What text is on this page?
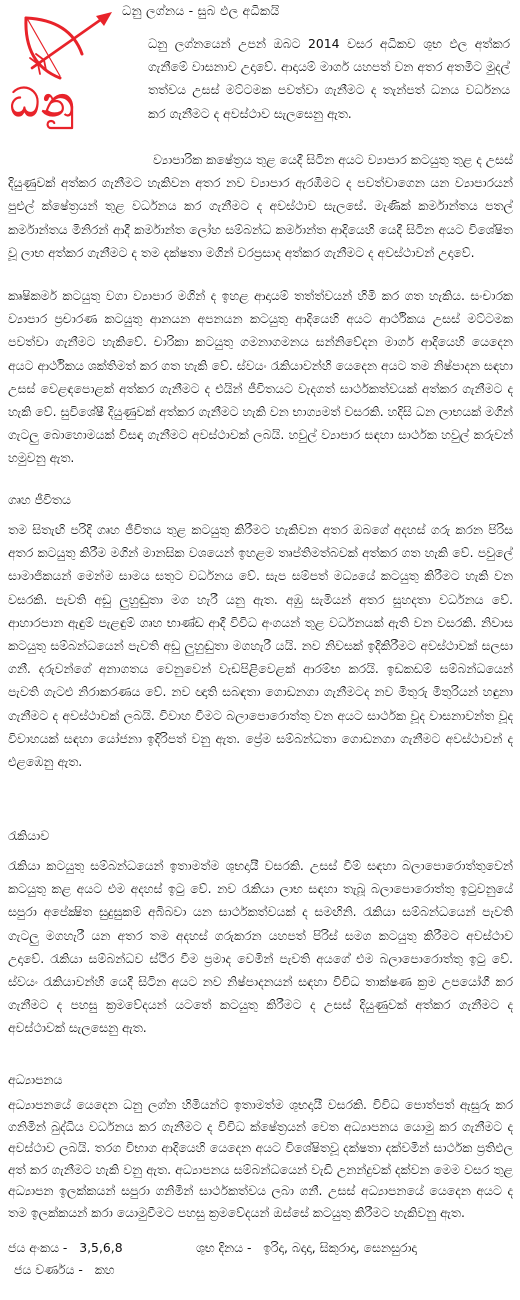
ධනු ලග්නය - සුබ ඵල අධිකයි
ධනු

ධනු ලග්නයෙන් උපන් ඔබට 2014 වසර අධිකව ශුභ ඵල අත්කර ගැනීමේ වාසනාව උදාවේ. ආදායම් මාර්ග යහපත් වන අතර අතමිට මුදල් තත්වය උසස් මට්ටමක පවත්වා ගැනීමට ද තැන්පත් ධනය වර්ධනය කර ගැනීමට ද අවස්ථාව සැලසෙනු ඇත.

ව්‍යාපාරික කෂේත්‍රය තුළ යෙදී සිටින අයට ව්‍යාපාර කටයුතු තුළ ද උසස් දියුණුවක් අත්කර ගැනීමට හැකිවන අතර නව ව්‍යාපාර ඇරඹීමට ද පවත්වාගෙන යන ව්‍යාපාරයන් පුළුල් ක්ෂේත්‍රයන් තුළ වර්ධනය කර ගැනීමට ද අවස්ථාව සැලසේ. මැණික් කර්මාන්තය පතල් කර්මාන්තය මිනිරන් ආදී කර්මාන්ත ලෝහ සම්බන්ධ කර්මාන්ත ආදියෙහි යෙදී සිටින අයට විශේෂිත වූ ලාභ අත්කර ගැනීමට ද තම දක්ෂතා මගින් වරප්‍රසාද අත්කර ගැනීමට ද අවස්ථාවන් උදාවේ.

කෘෂිකර්ම කටයුතු වගා ව්‍යාපාර මගින් ද ඉහළ ආදායම් තත්ත්වයන් හිමි කර ගත හැකිය. සංචාරක ව්‍යාපාර ප්‍රචාරණ කටයුතු ආනයන අපනයන කටයුතු ආදියෙහි අයට ආර්ථිකය උසස් මට්ටමක පවත්වා ගැනීමට හැකිවේ. චාරිකා කටයුතු ගමනාගමනය සන්නිවේදන මාර්ග ආදියෙහි යෙදෙන අයට ආර්ථිකය ශක්තිමත් කර ගත හැකි වේ. ස්වයං රැකියාවන්හි යෙදෙන අයට තම නිෂ්පාදන සඳහා උසස් වෙළඳපොළක් අත්කර ගැනීමට ද එයින් ජීවිතයට වැදගත් සාර්ථකත්වයක් අත්කර ගැනීමට ද හැකි වේ. සුවිශේෂී දියුණුවක් අත්කර ගැනීමට හැකි වන භාග්‍යමත් වසරකි. හදිසි ධන ලාභයක් මගින් ගැටලු බොහොමයක් විසඳා ගැනීමට අවස්ථාවක් ලබයි. හවුල් ව්‍යාපාර සඳහා සාර්ථක හවුල් කරුවන් හමුවනු ඇත.

ගෘහ ජීවිතය

තම සිතැඟි පරිදි ගෘහ ජීවිතය තුළ කටයුතු කිරීමට හැකිවන අතර ඔබගේ අදහස් ගරු කරන පිරිස අතර කටයුතු කිරීම මගින් මානසික වශයෙන් ඉහළම තෘප්තිමත්බවක් අත්කර ගත හැකි වේ. පවුලේ සාමාජිකයන් මෙන්ම සාමය සතුට වර්ධනය වේ. සැප සම්පත් මධ්‍යයේ කටයුතු කිරීමට හැකි වන වසරකි. පැවති අඩු ලුහුඬුතා මග හැරී යනු ඇත. අඹු සැමියන් අතර සුහදතා වර්ධනය වේ. ආහාරපාන ඇඳුම් පැළඳුම් ගෘහ භාණ්ඩ ආදී විවිධ අංගයන් තුළ වර්ධනයක් ඇති වන වසරකි. නිවාස කටයුතු සම්බන්ධයෙන් පැවති අඩු ලුහුඬුතා මගහැරී යයි. නව නිවසක් ඉදිකිරීමට අවස්ථාවක් සලසා ගනී. දරුවන්ගේ අනාගතය වෙනුවෙන් වැඩපිළිවෙළක් ආරම්භ කරයි. ඉඩකඩම් සම්බන්ධයෙන් පැවති ගැටළු නිරාකරණය වේ. නව ඥාති සබඳතා ගොඩනගා ගැනීමටද නව මිතුරු මිතුරියන් හඳුනා ගැනීමට ද අවස්ථාවක් ලබයි. විවාහ වීමට බලාපොරොත්තු වන අයට සාර්ථක වූද වාසනාවන්ත වූද විවාහයක් සඳහා යෝජනා ඉදිරිපත් වනු ඇත. ප්‍රේම සම්බන්ධතා ගොඩනගා ගැනීමට අවස්ථාවන් ද එළඹෙනු ඇත.

රැකියාව

රැකියා කටයුතු සම්බන්ධයෙන් ඉතාමත්ම ශුභදායී වසරකි. උසස් වීම් සඳහා බලාපොරොත්තුවෙන් කටයුතු කළ අයට එම අදහස් ඉටු වේ. නව රැකියා ලාභ සඳහා තැබූ බලාපොරොත්තු ඉටුවනුයේ සපුරා අපේක්‍ෂිත සුදුසුකම් අබිබවා යන සාර්ථකත්වයක් ද සමඟිනි. රැකියා සම්බන්ධයෙන් පැවති ගැටලු මගහැරී යන අතර තම අදහස් ගරුකරන යහපත් පිරිස් සමග කටයුතු කිරීමට අවස්ථාව උදාවේ. රැකියා සම්බන්ධව ස්ථිර වීම ප්‍රමාද වෙමින් පැවති අයගේ එම බලාපොරොත්තු ඉටු වේ. ස්වයං රැකියාවන්හි යෙදී සිටින අයට නව නිෂ්පාදනයන් සඳහා විවිධ තාක්ෂණ ක්‍රම උපයෝගී කර ගැනීමට ද පහසු ක්‍රමවේදයන් යටතේ කටයුතු කිරීමට ද උසස් දියුණුවක් අත්කර ගැනීමට ද අවස්ථාවක් සැලසෙනු ඇත.

අධ්‍යාපනය

අධ්‍යාපනයේ යෙදෙන ධනු ලග්න හිමියන්ට ඉතාමත්ම ශුභදායී වසරකි. විවිධ පොත්පත් ඇසුරු කර ගනිමින් බුද්ධිය වර්ධනය කර ගැනීමට ද විවිධ ක්ෂේත්‍රයන් වෙත අධ්‍යාපනය යොමු කර ගැනීමට ද අවස්ථාව ලබයි. තරග විභාග ආදියෙහි යෙදෙන අයට විශේෂිතවූ දක්ෂතා දක්වමින් සාර්ථක ප්‍රතිඵල අත් කර ගැනීමට හැකි වනු ඇත. අධ්‍යාපනය සම්බන්ධයෙන් වැඩි උනන්දුවක් දක්වන මෙම වසර තුළ අධ්‍යාපන ඉලක්කයන් සපුරා ගනිමින් සාර්ථකත්වය ලබා ගනී. උසස් අධ්‍යාපනයේ යෙදෙන අයට ද තම ඉලක්කයන් කරා යොමුවීමට පහසු ක්‍රමවේදයන් ඔස්සේ කටයුතු කිරීමට හැකිවනු ඇත.

ජය අංකය - 3,5,6,8	ශුභ දිනය - ඉරිදා, බදාදා, සිකුරාදා, සෙනසුරාදා
ජය වර්ණය - කහ
